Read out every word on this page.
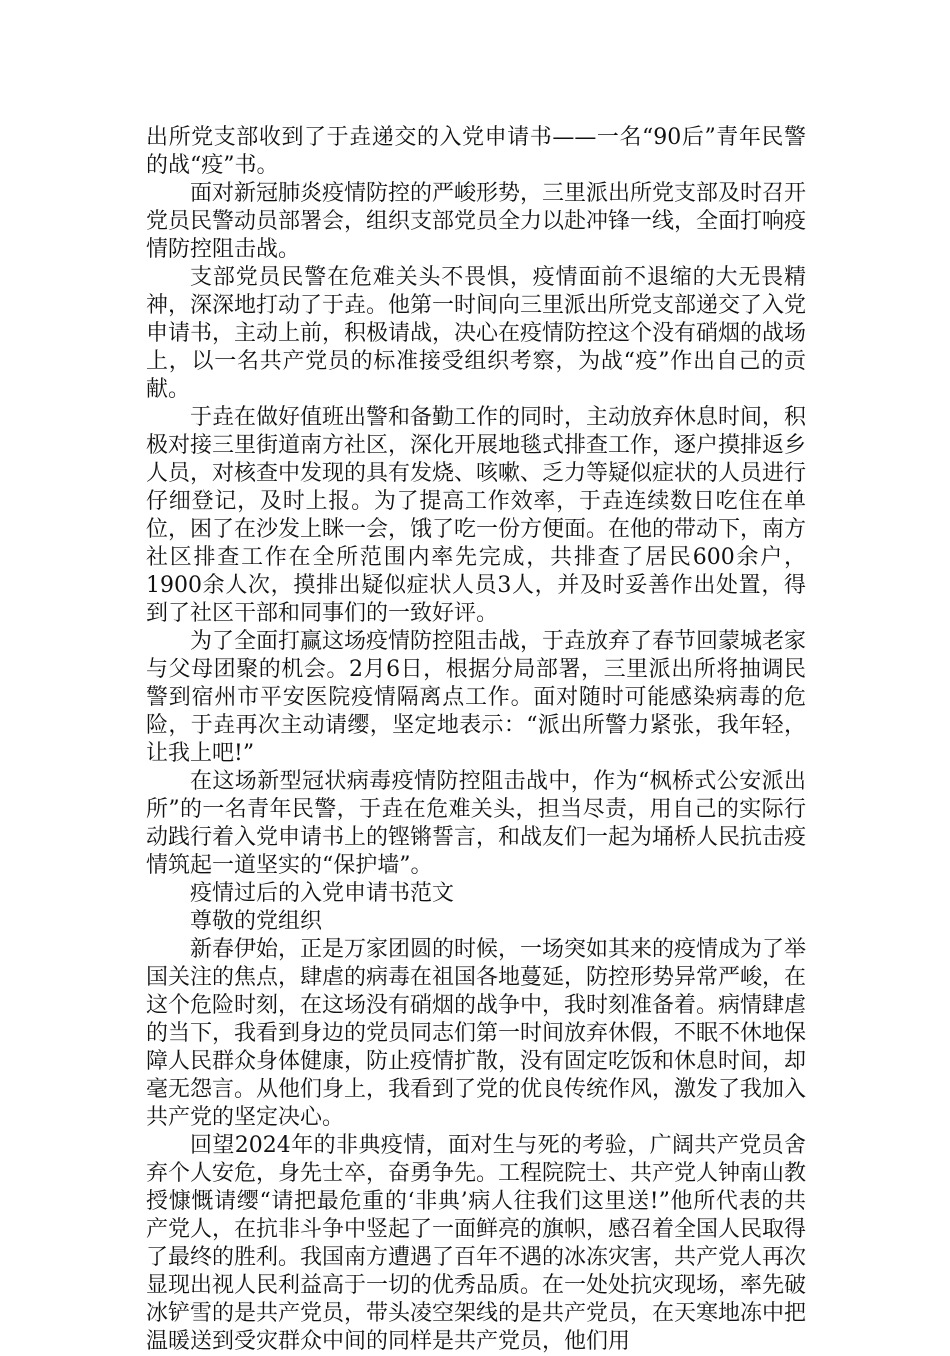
出所党支部收到了于垚递交的入党申请书——一名“90后”青年民警的战“疫”书。

面对新冠肺炎疫情防控的严峻形势，三里派出所党支部及时召开党员民警动员部署会，组织支部党员全力以赴冲锋一线，全面打响疫情防控阻击战。

支部党员民警在危难关头不畏惧，疫情面前不退缩的大无畏精神，深深地打动了于垚。他第一时间向三里派出所党支部递交了入党申请书，主动上前，积极请战，决心在疫情防控这个没有硝烟的战场上，以一名共产党员的标准接受组织考察，为战“疫”作出自己的贡献。

于垚在做好值班出警和备勤工作的同时，主动放弃休息时间，积极对接三里街道南方社区，深化开展地毯式排查工作，逐户摸排返乡人员，对核查中发现的具有发烧、咳嗽、乏力等疑似症状的人员进行仔细登记，及时上报。为了提高工作效率，于垚连续数日吃住在单位，困了在沙发上眯一会，饿了吃一份方便面。在他的带动下，南方社区排查工作在全所范围内率先完成，共排查了居民600余户，1900余人次，摸排出疑似症状人员3人，并及时妥善作出处置，得到了社区干部和同事们的一致好评。

为了全面打赢这场疫情防控阻击战，于垚放弃了春节回蒙城老家与父母团聚的机会。2月6日，根据分局部署，三里派出所将抽调民警到宿州市平安医院疫情隔离点工作。面对随时可能感染病毒的危险，于垚再次主动请缨，坚定地表示：“派出所警力紧张，我年轻，让我上吧!”

在这场新型冠状病毒疫情防控阻击战中，作为“枫桥式公安派出所”的一名青年民警，于垚在危难关头，担当尽责，用自己的实际行动践行着入党申请书上的铿锵誓言，和战友们一起为埇桥人民抗击疫情筑起一道坚实的“保护墙”。

疫情过后的入党申请书范文

尊敬的党组织

新春伊始，正是万家团圆的时候，一场突如其来的疫情成为了举国关注的焦点，肆虐的病毒在祖国各地蔓延，防控形势异常严峻，在这个危险时刻，在这场没有硝烟的战争中，我时刻准备着。病情肆虐的当下，我看到身边的党员同志们第一时间放弃休假，不眠不休地保障人民群众身体健康，防止疫情扩散，没有固定吃饭和休息时间，却毫无怨言。从他们身上，我看到了党的优良传统作风，激发了我加入共产党的坚定决心。

回望2024年的非典疫情，面对生与死的考验，广阔共产党员舍弃个人安危，身先士卒，奋勇争先。工程院院士、共产党人钟南山教授慷慨请缨“请把最危重的‘非典’病人往我们这里送!”他所代表的共产党人，在抗非斗争中竖起了一面鲜亮的旗帜，感召着全国人民取得了最终的胜利。我国南方遭遇了百年不遇的冰冻灾害，共产党人再次显现出视人民利益高于一切的优秀品质。在一处处抗灾现场，率先破冰铲雪的是共产党员，带头凌空架线的是共产党员，在天寒地冻中把温暖送到受灾群众中间的同样是共产党员，他们用
